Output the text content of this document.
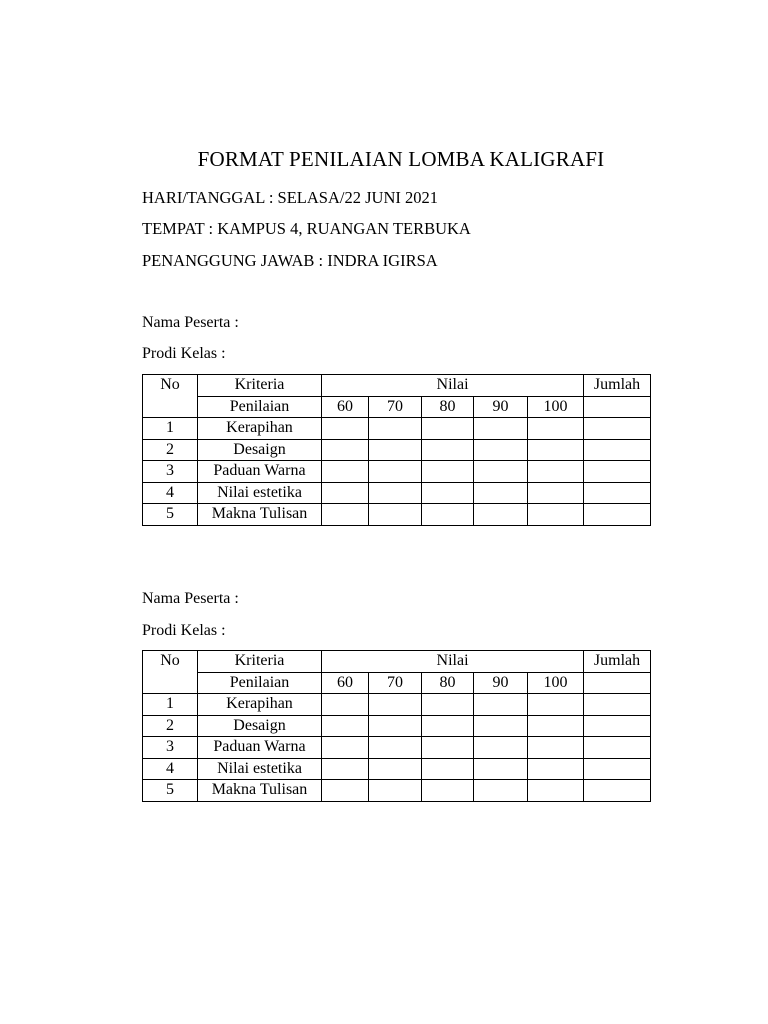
FORMAT PENILAIAN LOMBA KALIGRAFI
HARI/TANGGAL : SELASA/22 JUNI 2021
TEMPAT : KAMPUS 4, RUANGAN TERBUKA
PENANGGUNG JAWAB : INDRA IGIRSA
Nama Peserta :
Prodi Kelas :
No	Kriteria	Nilai					Jumlah
	Penilaian	60	70	80	90	100	
1	Kerapihan						
2	Desaign						
3	Paduan Warna						
4	Nilai estetika						
5	Makna Tulisan						
Nama Peserta :
Prodi Kelas :
No	Kriteria	Nilai					Jumlah
	Penilaian	60	70	80	90	100	
1	Kerapihan						
2	Desaign						
3	Paduan Warna						
4	Nilai estetika						
5	Makna Tulisan						
